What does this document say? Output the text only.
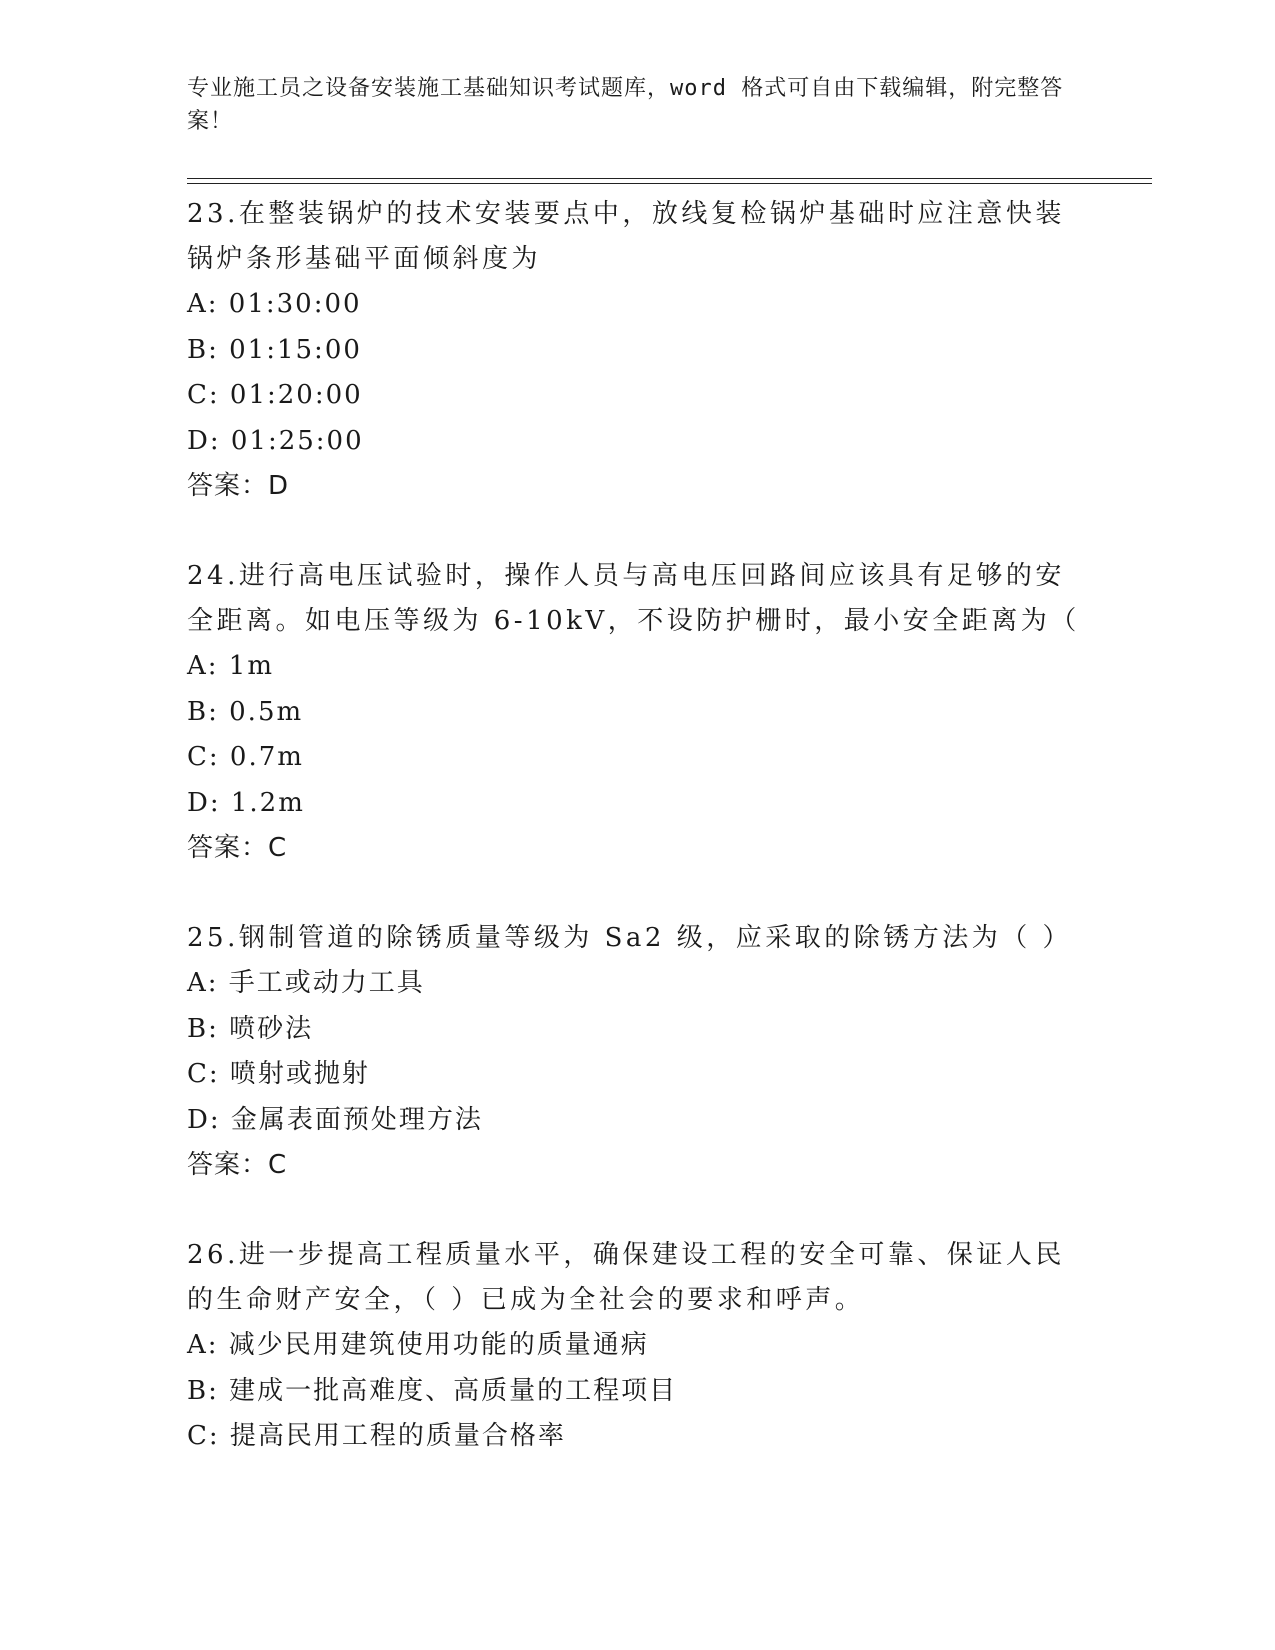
专业施工员之设备安装施工基础知识考试题库，word 格式可自由下载编辑，附完整答案！

23.在整装锅炉的技术安装要点中，放线复检锅炉基础时应注意快装锅炉条形基础平面倾斜度为

A: 01:30:00

B: 01:15:00

C: 01:20:00

D: 01:25:00

答案：D

24.进行高电压试验时，操作人员与高电压回路间应该具有足够的安全距离。如电压等级为 6-10kV，不设防护栅时，最小安全距离为（

A: 1m

B: 0.5m

C: 0.7m

D: 1.2m

答案：C

25.钢制管道的除锈质量等级为 Sa2 级，应采取的除锈方法为（ ）

A: 手工或动力工具

B: 喷砂法

C: 喷射或抛射

D: 金属表面预处理方法

答案：C

26.进一步提高工程质量水平，确保建设工程的安全可靠、保证人民的生命财产安全，（ ）已成为全社会的要求和呼声。

A: 减少民用建筑使用功能的质量通病

B: 建成一批高难度、高质量的工程项目

C: 提高民用工程的质量合格率
